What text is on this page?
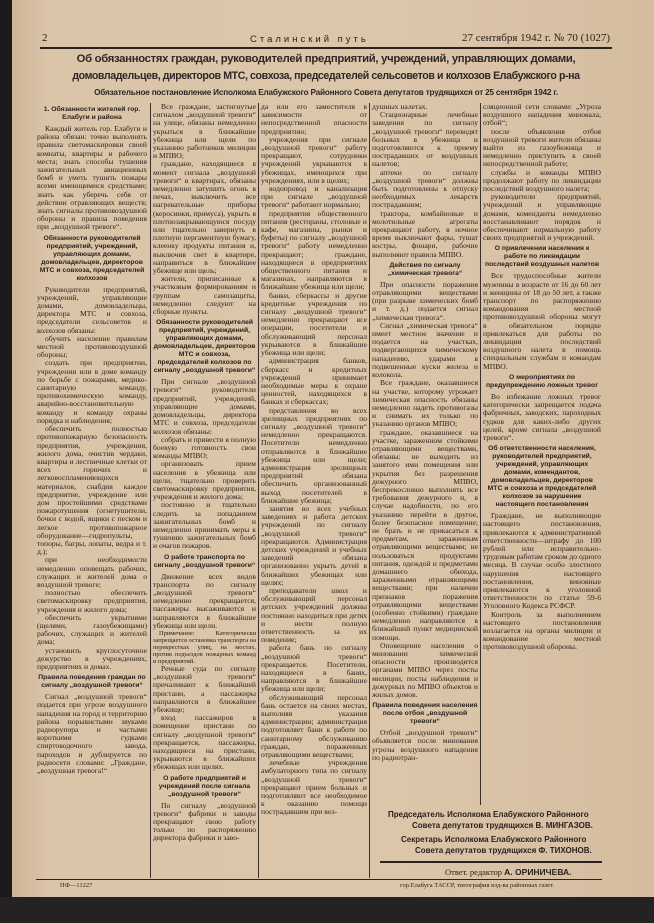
2	Сталинский путь	27 сентября 1942 г. № 70 (1027)
Об обязанностях граждан, руководителей предприятий, учреждений, управляющих домами,
домовладельцев, директоров МТС, совхоза, председателей сельсоветов и колхозов Елабужского р-на
Обязательное постановление Исполкома Елабужского Районного Совета депутатов трудящихся от 25 сентября 1942 г.
1. Обязанности жителей гор. Елабуги и района

Каждый житель гор. Елабуги и района обязан: точно выполнять правила светомаскировки своей комнаты, квартиры и рабочего места; знать способы тушения зажигательных авиационных бомб и уметь тушить пожары всеми имеющимися средствами; знать как уберечь себя от действии отравляющих веществ; знать сигналы противовоздушной обороны и правила поведения при „воздушной тревоге“.

Обязанности руководителей предприятий, учреждений, управляющих домами, домовладельцев, директоров МТС и совхоза, председателей колхозов

Руководители предприятий, учреждений, управляющие домами, домовладельцы, директора МТС и совхоза, председатели сельсоветов и колхозов обязаны:

обучить население правилам местной противовоздушной обороны;

создать при предприятии, учреждении или в доме команду по борьбе с пожарами, медико-санитарную команду, противохимическую команду, аварийно-восстановительную команду и команду охраны порядка и наблюдения;

обеспечить полностью противопожарную безопасность предприятия, учреждения, жилого дома, очистив чердаки, квартиры и лестничные клетки от всех горючих и легковоспламеняющихся материалов, снабдив каждое предприятие, учреждение или дом простейшими средствами пожаротушения (огнетушители, бочки с водой, ящики с песком и легкое противопожарное оборудование—гидропульты, топоры, багры, лопаты, ведра и т. д.);

при необходимости немедленно оповещать рабочих, служащих и жителей дома о воздушной тревоге;

полностью обеспечить светомаскировку предприятия, учреждения и жилого дома;

обеспечить укрытиями (щелями, газоубежищами) рабочих, служащих и жителей дома;

установить круглосуточное дежурство в учреждениях, предприятиях и домах.

Правила поведения граждан по сигналу „воздушной тревоги“

Сигнал „воздушной тревоги“ подается при угрозе воздушного нападения на город и территорию района порывистыми звуками радиорупора и частыми короткими гудками спиртоводочного завода, пароходов и дублируется по радиосети словами: „Граждане, „воздушная тревога!“

Все граждане, застигнутые сигналом „воздушной тревоги“ на улице, обязаны немедленно укрыться в ближайшие убежища или щели по указанию работников милиции и МПВО;

граждане, находящиеся в момент сигнала „воздушной тревоги“ в квартирах, обязаны немедленно затушить огонь в печах, выключить все нагревательные приборы (керосинки, примуса), укрыть в плотнозакрывающуюся посуду или тщательно завернуть в плотную пергаментную бумагу, клеенку продукты питания и, выключив свет в квартире, направиться в ближайшее убежище или щель;

жители, приписанные к участковым формированиям и группам самозащиты, немедленно следуют на сборные пункты.

Обязанности руководителей предприятий, учреждений, управляющих домами, домовладельцев, директоров МТС и совхоза, председателей колхозов по сигналу „воздушной тревоги“

При сигнале „воздушной тревоги“ руководители предприятий, учреждений, управляющие домами, домовладельцы, директора МТС и совхоза, председатели колхозов обязаны:

собрать и привести в полную боевую готовность свои команды МПВО;

организовать прием населения в убежища или щели, тщательно проверить светомаскировку предприятия, учреждения и жилого дома;

постоянно и тщательно следить за попаданием зажигательных бомб и немедленно принимать меры к тушению зажигательных бомб и очагов пожаров.

О работе транспорта по сигналу „воздушной тревоги“

Движение всех видов транспорта по сигналу „воздушной тревоги“ немедленно прекращается, пассажиры высаживаются и направляются в ближайшие убежища или щели.

Примечание: Категорически запрещается остановка транспорта на перекрестках улиц, на мостах, против подъездов пожарных команд и предприятий.

Речные суда по сигналу „воздушной тревоги“ причаливают к ближайшей пристани, а пассажиры направляются в ближайшее убежище;

вход пассажиров в помещение пристани по сигналу „воздушной тревоги“ прекращается, пассажиры, находящиеся на пристани, укрываются в ближайших убежищах или щелях.

О работе предприятий и учреждений после сигнала „воздушной тревоги“

По сигналу „воздушной тревоги“ фабрики и заводы прекращают свою работу только по распоряжению директора фабрики и заво-

да или его заместителя в зависимости от непосредственной опасности предприятию;

учреждения при сигнале „воздушной тревоги“ работу прекращают, сотрудники учреждений укрываются в убежищах, имеющихся при учреждениях, или в щелях;

водопровод и канализация при сигнале „воздушной тревоги“ работают нормально;

предприятия общественного питания (рестораны, столовые и кафе, магазины, рынки и буфеты) по сигналу „воздушной тревоги“ работу немедленно прекращают; граждане, находящиеся в предприятиях общественного питания и магазинах, направляются в ближайшие убежища или щели;

банки, сберкассы и другие кредитные учреждения по сигналу „воздушной тревоги“ немедленно прекращают все операции, посетители и обслуживающий персонал укрываются в ближайшие убежища или щели;

администрация банков, сберкасс и кредитных учреждений принимает необходимые меры к охране ценностей, находящихся в банках и сберкассах;

представления во всех зрелищных предприятиях по сигналу „воздушной тревоги“ немедленно прекращаются. Посетители немедленно отправляются в ближайшие убежища или щели; администрация зрелищных предприятий обязана обеспечить организованный выход посетителей в ближайшие убежища;

занятия во всех учебных заведениях и работа детских учреждений по сигналу „воздушной тревоги“ прекращаются. Администрация детских учреждений и учебных заведений обязана организованно укрыть детей в ближайших убежищах или щелях;

преподаватели школ и обслуживающий персонал детских учреждений должны постоянно находиться при детях и нести полную ответственность за их поведение;

работа бань по сигналу „воздушной тревоги“ прекращается. Посетители, находящиеся в банях, направляются в ближайшие убежища или щели;

обслуживающий персонал бань остается на своих местах, выполняя указания администрации; администрация подготовляет бани к работе по санитарному обслуживанию граждан, пораженных отравляющими веществами;

лечебные учреждения амбулаторного типа по сигналу „воздушной тревоги“ прекращают прием больных и подготовляют все необходимое к оказанию помощи пострадавшим при воз-

душных налетах.

Стационарные лечебные заведения по сигналу „воздушной тревоги“ переводят больных в убежища и подготовляются к приему пострадавших от воздушных налетов;

аптеки по сигналу „воздушной тревоги“ должны быть подготовлены к отпуску необходимых лекарств пострадавшим;

трактора, комбайновые и молотильные агрегаты прекращают работу, в ночное время выключают фары, тушат костры, фонари, рабочие выполняют правила МПВО.

Действия по сигналу „химическая тревога“

При опасности поражения отравляющими веществами (при разрыве химических бомб и т. д.) подается сигнал „химическая тревога“.

Сигнал „химическая тревога“ имеет местное значение и подается на участках, подвергающихся химическому нападению, ударами в подвешенные куски железа и колокола.

Все граждане, оказавшиеся на участке, которому угрожает химическая опасность обязаны немедленно надеть противогазы и снимать их только по указанию органов МПВО;

граждане, оказавшиеся на участке, зараженном стойкими отравляющими веществами, обязаны: не выходить из занятого ими помещения или укрытия без разрешения дежурного МПВО, беспрекословно выполнять все требования дежурного и, в случае надобности, по его указанию перейти в другое, более безопасное помещение; не брать и не прикасаться к предметам, зараженным отравляющими веществами; не пользоваться продуктами питания, одеждой и предметами домашнего обихода, зараженными отравляющими веществами; при наличии признаков поражения отравляющими веществами (особенно стойкими) граждане немедленно направляются в ближайший пункт медицинской помощи.

Оповещение населения о миновании химической опасности производится органами МПВО через посты милиции, посты наблюдения и дежурных по МПВО объектов и жилых домов.

Правила поведения населения после отбоя „воздушной тревоги“

Отбой „воздушной тревоги“ объявляется после минования угрозы воздушного нападения по радиотран-

сляционной сети словами: „Угроза воздушного нападения миновала, отбой“;

после объявления отбоя воздушной тревоги жители обязаны выйти из газоубежища и немедленно приступить к своей непосредственной работе;

службы и команды МПВО продолжают работу по ликвидации последствий воздушного налета;

руководители предприятий, учреждений и управляющие домами, коменданты немедленно восстанавливают порядок и обеспечивают нормальную работу своих предприятий и учреждений.

О привлечении населения к работе по ликвидации последствий воздушных налетов

Все трудоспособные жители мужчины в возрасте от 16 до 60 лет и женщины от 18 до 50 лет, а также транспорт по распоряжению командования местной противовоздушной обороны могут в обязательном порядке привлекаться для работы по ликвидации последствий воздушного налета в помощь специальным службам и командам МПВО.

О мероприятиях по предупреждению ложных тревог

Во избежание ложных тревог категорически запрещается подача фабричных, заводских, пароходных гудков для каких-либо других целей, кроме сигнала „воздушной тревоги“.

Об ответственности населения, руководителей предприятий, учреждений, управляющих домами, комендантов, домовладельцев, директоров МТС и совхоза и председателей колхозов за нарушение настоящего постановления

Граждане, не выполняющие настоящего постановления, привлекаются к административной ответственности—штрафу до 100 рублей или исправительно-трудовым работам сроком до одного месяца. В случае особо злостного нарушения настоящего постановления, виновные привлекаются к уголовной ответственности по статье 59-6 Уголовного Кодекса РСФСР.

Контроль за выполнением настоящего постановления возлагается на органы милиции и командование местной противовоздушной обороны.

Председатель Исполкома Елабужского Районного
Совета депутатов трудящихся В. МИНГАЗОВ.
Секретарь Исполкома Елабужского Районного
Совета депутатов трудящихся Ф. ТИХОНОВ.
Ответ. редактор А. ОРИНИЧЕВА.
ПФ—11227	гор.Елабуга ТАССР, типография изд-ва районных газет.
